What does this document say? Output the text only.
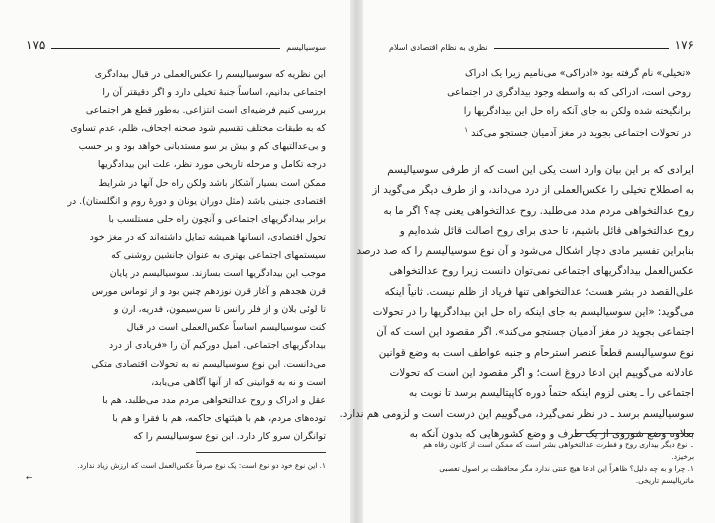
سوسیالیسم
۱۷۵
این نظریه که سوسیالیسم را عکس‌العملی در قبال بیدادگری
اجتماعی بدانیم، اساساً جنبهٔ تخیلی دارد و اگر دقیقتر آن را
بررسی کنیم فرضیه‌ای است انتزاعی. به‌طور قطع هر اجتماعی
که به طبقات مختلف تقسیم شود صحنه اجحاف، ظلم، عدم تساوی
و بی‌عدالتیهای کم و بیش بر سو مستدبانی خواهد بود و بر حسب
درجه تکامل و مرحله تاریخی مورد نظر، علت این بیدادگریها
ممکن است بسیار آشکار باشد ولکن راه حل آنها در شرایط
اقتصادی جنینی باشد (مثل دوران یونان و دورهٔ روم و انگلستان). در
برابر بیدادگریهای اجتماعی و آنچون راه حلی مستلسب با
تحول اقتصادی، انسانها همیشه تمایل داشته‌اند که در مغز خود
سیستمهای اجتماعی بهتری به عنوان جانشین روشنی که
موجب این بیدادگریها است بسازند. سوسیالیسم در پایان
قرن هجدهم و آغاز قرن نوزدهم چنین بود و از توماس مورس
تا لوئی بلان و از فلر رانس تا سن‌سیمون، فدریه، ارن و
کنت سوسیالیسم اساساً عکس‌العملی است در قبال
بیدادگریهای اجتماعی. امیل دورکیم آن را «فریادی از درد
می‌دانست. این نوع سوسیالیسم نه به تحولات اقتصادی متکی
است و نه به قوانینی که از آنها آگاهی می‌یابد،
عقل و ادراک و روح عدالتخواهی مردم مدد می‌طلبد، هم با
توده‌های مردم، هم با هیئتهای حاکمه، هم با فقرا و هم با
توانگران سرو کار دارد. این نوع سوسیالیسم را که
۱. این نوع خود دو نوع است: یک نوع صرفاً عکس‌العمل است که ارزش زیاد ندارد.
←
۱۷۶
نظری به نظام اقتصادی اسلام
«تخیلی» نام گرفته بود «ادراکی» می‌نامیم زیرا یک ادراک
روحی است، ادراکی که به واسطه وجود بیدادگری در اجتماعی
برانگیخته شده ولکن به جای آنکه راه حل این بیدادگریها را
در تحولات اجتماعی بجوید در مغز آدمیان جستجو می‌کند $^۱$
ایرادی که بر این بیان وارد است یکی این است که از طرفی سوسیالیسم
به اصطلاح تخیلی را عکس‌العملی از درد می‌داند، و از طرف دیگر می‌گوید از
روح عدالتخواهی مردم مدد می‌طلبد. روح عدالتخواهی یعنی چه؟ اگر ما به
روح عدالتخواهی قائل باشیم، تا حدی برای روح اصالت قائل شده‌ایم و
بنابراین تفسیر مادی دچار اشکال می‌شود و آن نوع سوسیالیسم را که صد درصد
عکس‌العمل بیدادگریهای اجتماعی نمی‌توان دانست زیرا روح عدالتخواهی
علی‌القصد در بشر هست؛ عدالتخواهی تنها فریاد از ظلم نیست. ثانیاً اینکه
می‌گوید: «این سوسیالیسم به جای اینکه راه حل این بیدادگریها را در تحولات
اجتماعی بجوید در مغز آدمیان جستجو می‌کند». اگر مقصود این است که آن
نوع سوسیالیسم قطعاً عنصر استرحام و جنبه عواطف است به وضع قوانین
عادلانه می‌گوییم این ادعا دروغ است؛ و اگر مقصود این است که تحولات
اجتماعی را ـ یعنی لزوم اینکه حتماً دوره کاپیتالیسم برسد تا نوبت به
سوسیالیسم برسد ـ در نظر نمی‌گیرد، می‌گوییم این درست است و لزومی هم ندارد.
بعلاوه وضع شوروی از یک طرف و وضع کشورهایی که بدون آنکه به
۔ نوع دیگر بیداری روح و فطرت عدالتخواهی بشر است که ممکن است از کانون رفاه هم
برخیزد.
۱. چرا و به چه دلیل؟ ظاهراً این ادعا هیچ عنتی ندارد مگر محافظت بر اصول تعصبی
ماتریالیسم تاریخی.
